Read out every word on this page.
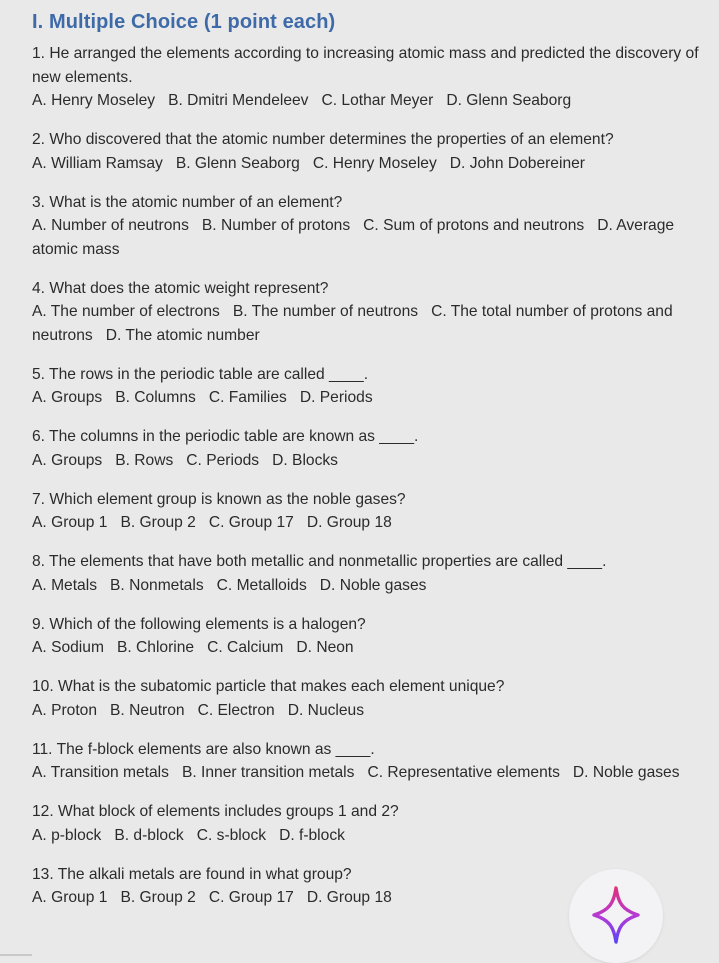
I. Multiple Choice (1 point each)
1. He arranged the elements according to increasing atomic mass and predicted the discovery of new elements.
A. Henry Moseley B. Dmitri Mendeleev C. Lothar Meyer D. Glenn Seaborg
2. Who discovered that the atomic number determines the properties of an element?
A. William Ramsay B. Glenn Seaborg C. Henry Moseley D. John Dobereiner
3. What is the atomic number of an element?
A. Number of neutrons B. Number of protons C. Sum of protons and neutrons D. Average atomic mass
4. What does the atomic weight represent?
A. The number of electrons B. The number of neutrons C. The total number of protons and neutrons D. The atomic number
5. The rows in the periodic table are called ____.
A. Groups B. Columns C. Families D. Periods
6. The columns in the periodic table are known as ____.
A. Groups B. Rows C. Periods D. Blocks
7. Which element group is known as the noble gases?
A. Group 1 B. Group 2 C. Group 17 D. Group 18
8. The elements that have both metallic and nonmetallic properties are called ____.
A. Metals B. Nonmetals C. Metalloids D. Noble gases
9. Which of the following elements is a halogen?
A. Sodium B. Chlorine C. Calcium D. Neon
10. What is the subatomic particle that makes each element unique?
A. Proton B. Neutron C. Electron D. Nucleus
11. The f-block elements are also known as ____.
A. Transition metals B. Inner transition metals C. Representative elements D. Noble gases
12. What block of elements includes groups 1 and 2?
A. p-block B. d-block C. s-block D. f-block
13. The alkali metals are found in what group?
A. Group 1 B. Group 2 C. Group 17 D. Group 18
